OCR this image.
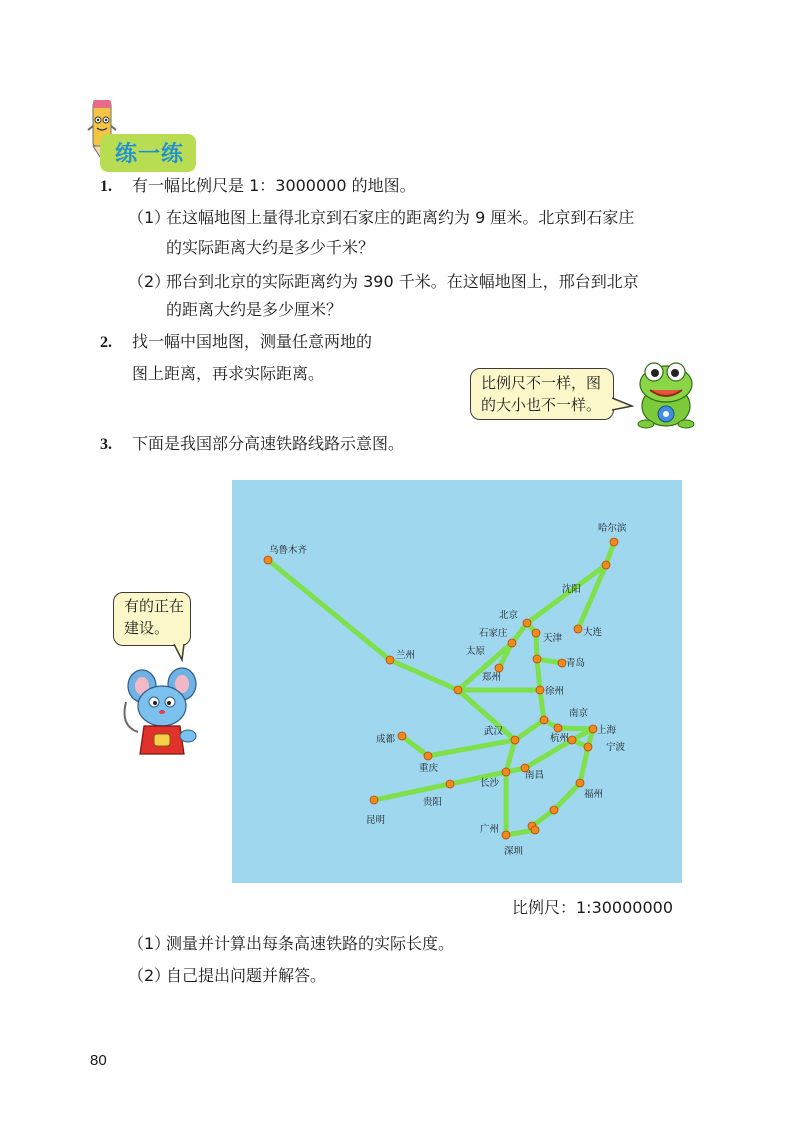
练一练
1. 有一幅比例尺是 1：3000000 的地图。
（1）在这幅地图上量得北京到石家庄的距离约为 9 厘米。北京到石家庄
的实际距离大约是多少千米？
（2）邢台到北京的实际距离约为 390 千米。在这幅地图上，邢台到北京
的距离大约是多少厘米？
2. 找一幅中国地图，测量任意两地的
图上距离，再求实际距离。	比例尺不一样，图
的大小也不一样。
3. 下面是我国部分高速铁路线路示意图。
有的正在
建设。
哈尔滨
乌鲁木齐
沈阳
北京
石家庄	天津
大连
太原
兰州
青岛
郑州
徐州
南京
上海
成都
武汉
杭州
宁波
重庆
长沙
南昌
贵阳
福州
昆明
广州
深圳
比例尺：1:30000000
（1）测量并计算出每条高速铁路的实际长度。
（2）自己提出问题并解答。
80
